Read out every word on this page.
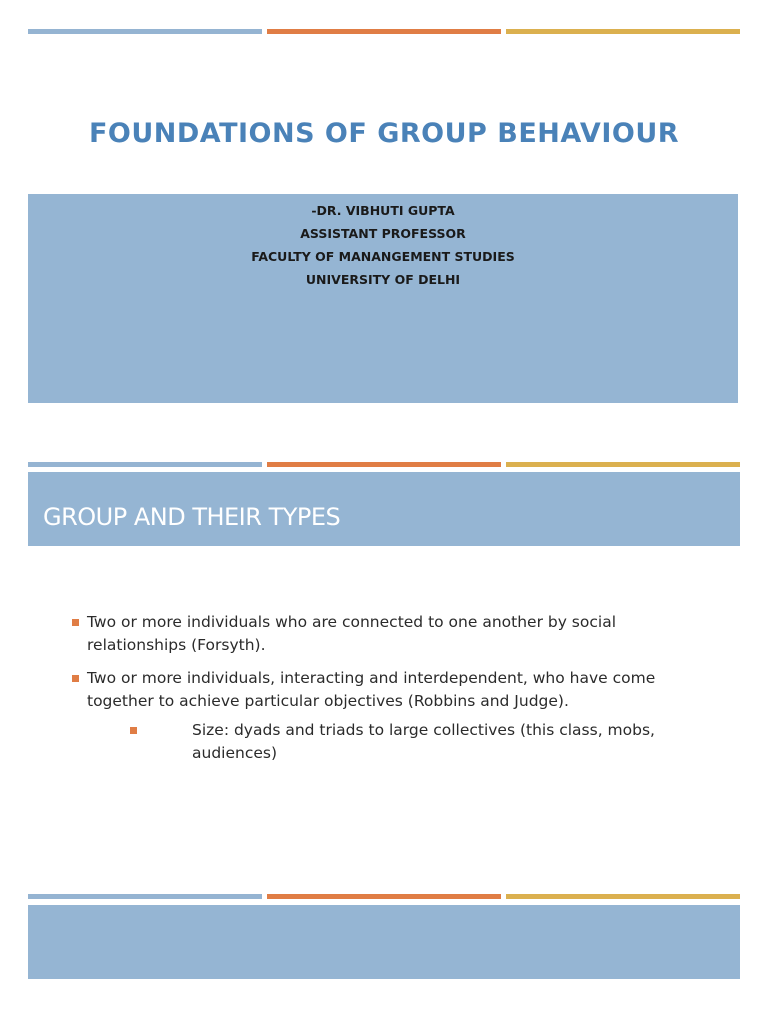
FOUNDATIONS OF GROUP BEHAVIOUR
-DR. VIBHUTI GUPTA
ASSISTANT PROFESSOR
FACULTY OF MANANGEMENT STUDIES
UNIVERSITY OF DELHI
GROUP AND THEIR TYPES
Two or more individuals who are connected to one another by social relationships (Forsyth).
Two or more individuals, interacting and interdependent, who have come together to achieve particular objectives (Robbins and Judge).
Size: dyads and triads to large collectives (this class, mobs, audiences)
